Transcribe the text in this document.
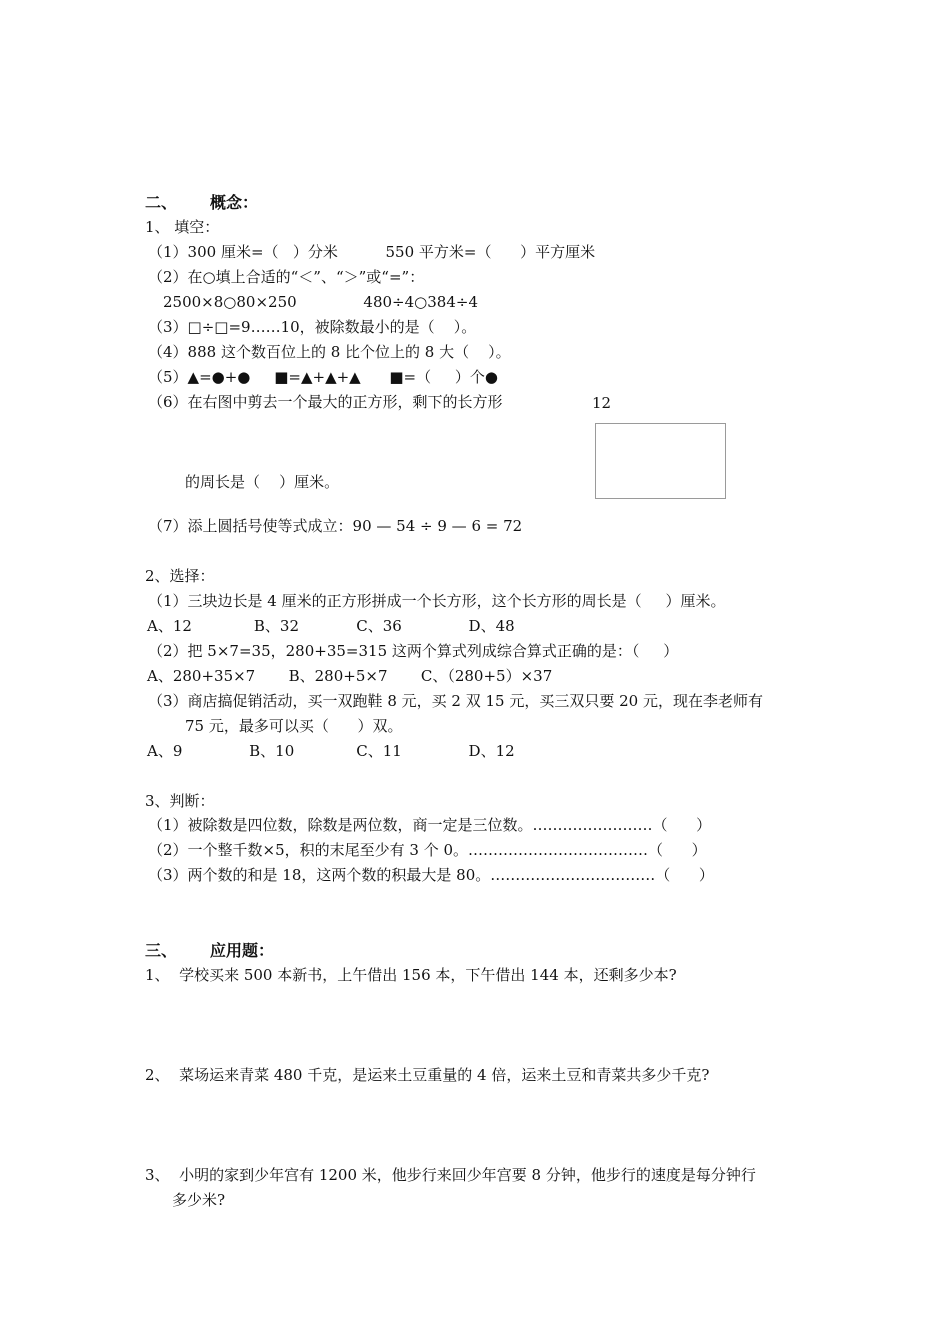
二、 概念：
1、 填空：
（1）300 厘米=（   ）分米          550 平方米=（      ）平方厘米
（2）在○填上合适的“＜”、“＞”或“=”：
2500×8○80×250              480÷4○384÷4
（3）□÷□=9……10，被除数最小的是（    ）。
（4）888 这个数百位上的 8 比个位上的 8 大（    ）。
（5）▲=●+●     ■=▲+▲+▲      ■=（     ）个●
（6）在右图中剪去一个最大的正方形，剩下的长方形	12
的周长是（    ）厘米。
（7）添上圆括号使等式成立：90 — 54 ÷ 9 — 6 = 72
2、选择：
（1）三块边长是 4 厘米的正方形拼成一个长方形，这个长方形的周长是（     ）厘米。
A、12             B、32            C、36              D、48
（2）把 5×7=35，280+35=315 这两个算式列成综合算式正确的是：（     ）
A、280+35×7       B、280+5×7       C、（280+5）×37
（3）商店搞促销活动，买一双跑鞋 8 元，买 2 双 15 元，买三双只要 20 元，现在李老师有
75 元，最多可以买（      ）双。
A、9              B、10             C、11              D、12
3、判断：
（1）被除数是四位数，除数是两位数，商一定是三位数。……………………（      ）
（2）一个整千数×5，积的末尾至少有 3 个 0。………………………………（      ）
（3）两个数的和是 18，这两个数的积最大是 80。……………………………（      ）
三、 应用题：
1、  学校买来 500 本新书，上午借出 156 本，下午借出 144 本，还剩多少本?
2、  菜场运来青菜 480 千克，是运来土豆重量的 4 倍，运来土豆和青菜共多少千克?
3、  小明的家到少年宫有 1200 米，他步行来回少年宫要 8 分钟，他步行的速度是每分钟行
多少米?
